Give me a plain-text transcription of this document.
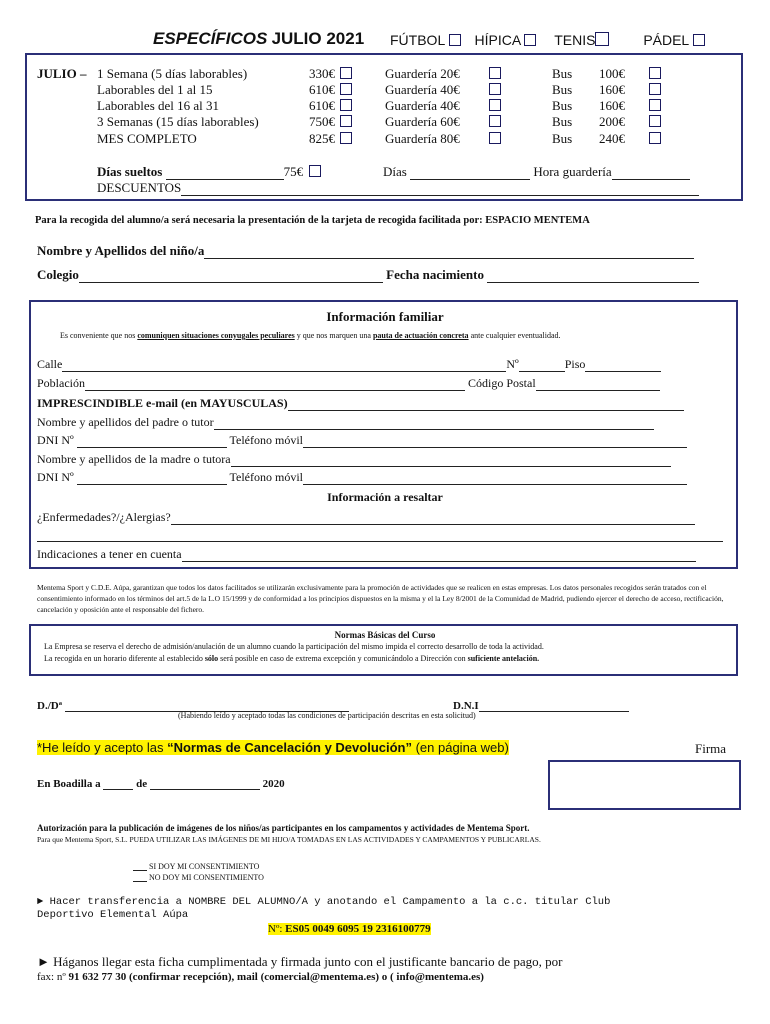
ESPECÍFICOS JULIO 2021 FÚTBOL HÍPICA TENIS	PÁDEL
JULIO – 1 Semana (5 días laborables)	330€	Guardería 20€	Bus 100€
Laborables del 1 al 15	610€	Guardería 40€	Bus 160€
Laborables del 16 al 31	610€	Guardería 40€	Bus 160€
3 Semanas (15 días laborables)	750€	Guardería 60€	Bus 200€
MES COMPLETO	825€	Guardería 80€	Bus 240€
Días sueltos	75€	Días	Hora guardería
DESCUENTOS
Para la recogida del alumno/a será necesaria la presentación de la tarjeta de recogida facilitada por: ESPACIO MENTEMA
Nombre y Apellidos del niño/a
Colegio	Fecha nacimiento
Información familiar
Es conveniente que nos comuniquen situaciones conyugales peculiares y que nos marquen una pauta de actuación concreta ante cualquier eventualidad.
Calle	Nº	Piso
Población	Código Postal
IMPRESCINDIBLE e-mail (en MAYUSCULAS)
Nombre y apellidos del padre o tutor
DNI Nº	Teléfono móvil
Nombre y apellidos de la madre o tutora
DNI Nº	Teléfono móvil
Información a resaltar
¿Enfermedades?/¿Alergias?
Indicaciones a tener en cuenta
Mentema Sport y C.D.E. Aúpa, garantizan que todos los datos facilitados se utilizarán exclusivamente para la promoción de actividades que se realicen en estas empresas. Los datos personales recogidos serán tratados con el consentimiento informado en los términos del art.5 de la L.O 15/1999 y de conformidad a los principios dispuestos en la misma y el la Ley 8/2001 de la Comunidad de Madrid, pudiendo ejercer el derecho de acceso, rectificación, cancelación y oposición ante el responsable del fichero.
Normas Básicas del Curso
La Empresa se reserva el derecho de admisión/anulación de un alumno cuando la participación del mismo impida el correcto desarrollo de toda la actividad.
La recogida en un horario diferente al establecido sólo será posible en caso de extrema excepción y comunicándolo a Dirección con suficiente antelación.
D./Dª	D.N.I
(Habiendo leído y aceptado todas las condiciones de participación descritas en esta solicitud)
*He leído y acepto las “Normas de Cancelación y Devolución” (en página web)	Firma
En Boadilla a	de	2020
Autorización para la publicación de imágenes de los niños/as participantes en los campamentos y actividades de Mentema Sport.
Para que Mentema Sport, S.L. PUEDA UTILIZAR LAS IMÁGENES DE MI HIJO/A TOMADAS EN LAS ACTIVIDADES Y CAMPAMENTOS Y PUBLICARLAS.
SI DOY MI CONSENTIMIENTO
NO DOY MI CONSENTIMIENTO
► Hacer transferencia a NOMBRE DEL ALUMNO/A y anotando el Campamento a la c.c. titular Club
Deportivo Elemental Aúpa
Nº: ES05 0049 6095 19 2316100779
► Háganos llegar esta ficha cumplimentada y firmada junto con el justificante bancario de pago, por
fax: nº 91 632 77 30 (confirmar recepción), mail (comercial@mentema.es) o ( info@mentema.es)
